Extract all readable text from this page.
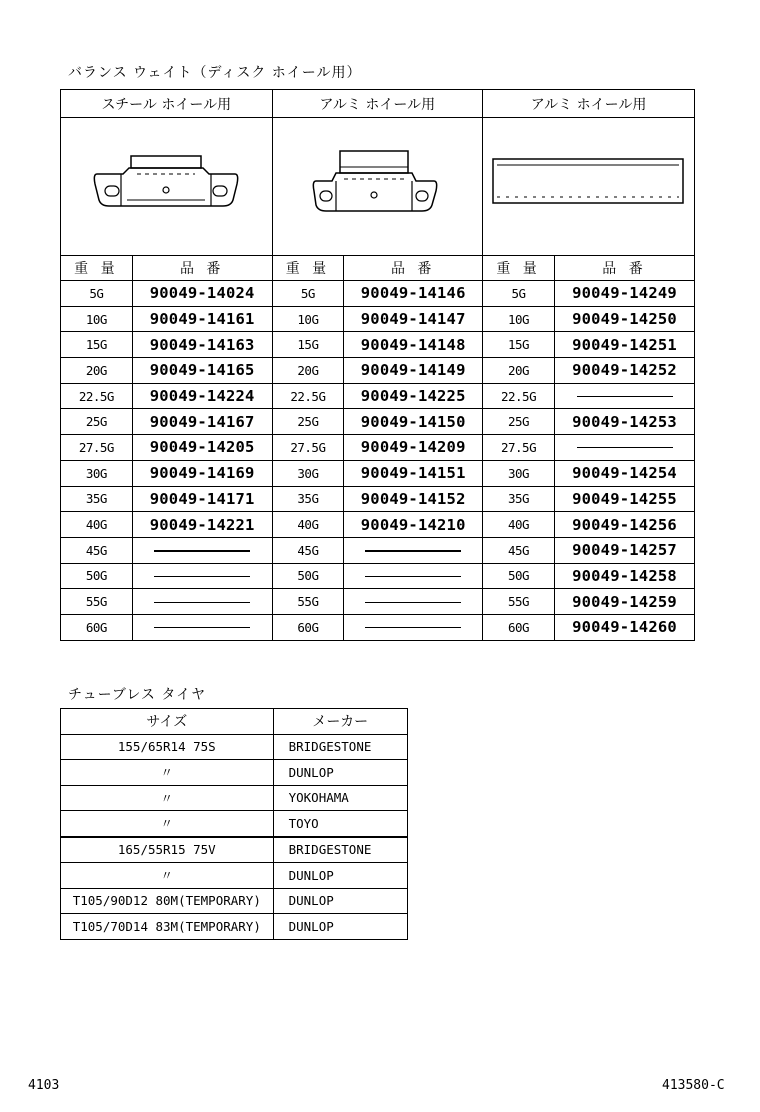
バランス ウェイト（ディスク ホイール用）
スチール ホイール用		アルミ ホイール用		アルミ ホイール用	

重 量	品 番	重 量	品 番	重 量	品 番
5G	90049-14024	5G	90049-14146	5G	90049-14249
10G	90049-14161	10G	90049-14147	10G	90049-14250
15G	90049-14163	15G	90049-14148	15G	90049-14251
20G	90049-14165	20G	90049-14149	20G	90049-14252
22.5G	90049-14224	22.5G	90049-14225	22.5G	
25G	90049-14167	25G	90049-14150	25G	90049-14253
27.5G	90049-14205	27.5G	90049-14209	27.5G	
30G	90049-14169	30G	90049-14151	30G	90049-14254
35G	90049-14171	35G	90049-14152	35G	90049-14255
40G	90049-14221	40G	90049-14210	40G	90049-14256
45G		45G		45G	90049-14257
50G		50G		50G	90049-14258
55G		55G		55G	90049-14259
60G		60G		60G	90049-14260
チューブレス タイヤ
サイズ	メーカー
155/65R14 75S	BRIDGESTONE
〃	DUNLOP
〃	YOKOHAMA
〃	TOYO
165/55R15 75V	BRIDGESTONE
〃	DUNLOP
T105/90D12 80M(TEMPORARY)	DUNLOP
T105/70D14 83M(TEMPORARY)	DUNLOP
4103	413580-C
